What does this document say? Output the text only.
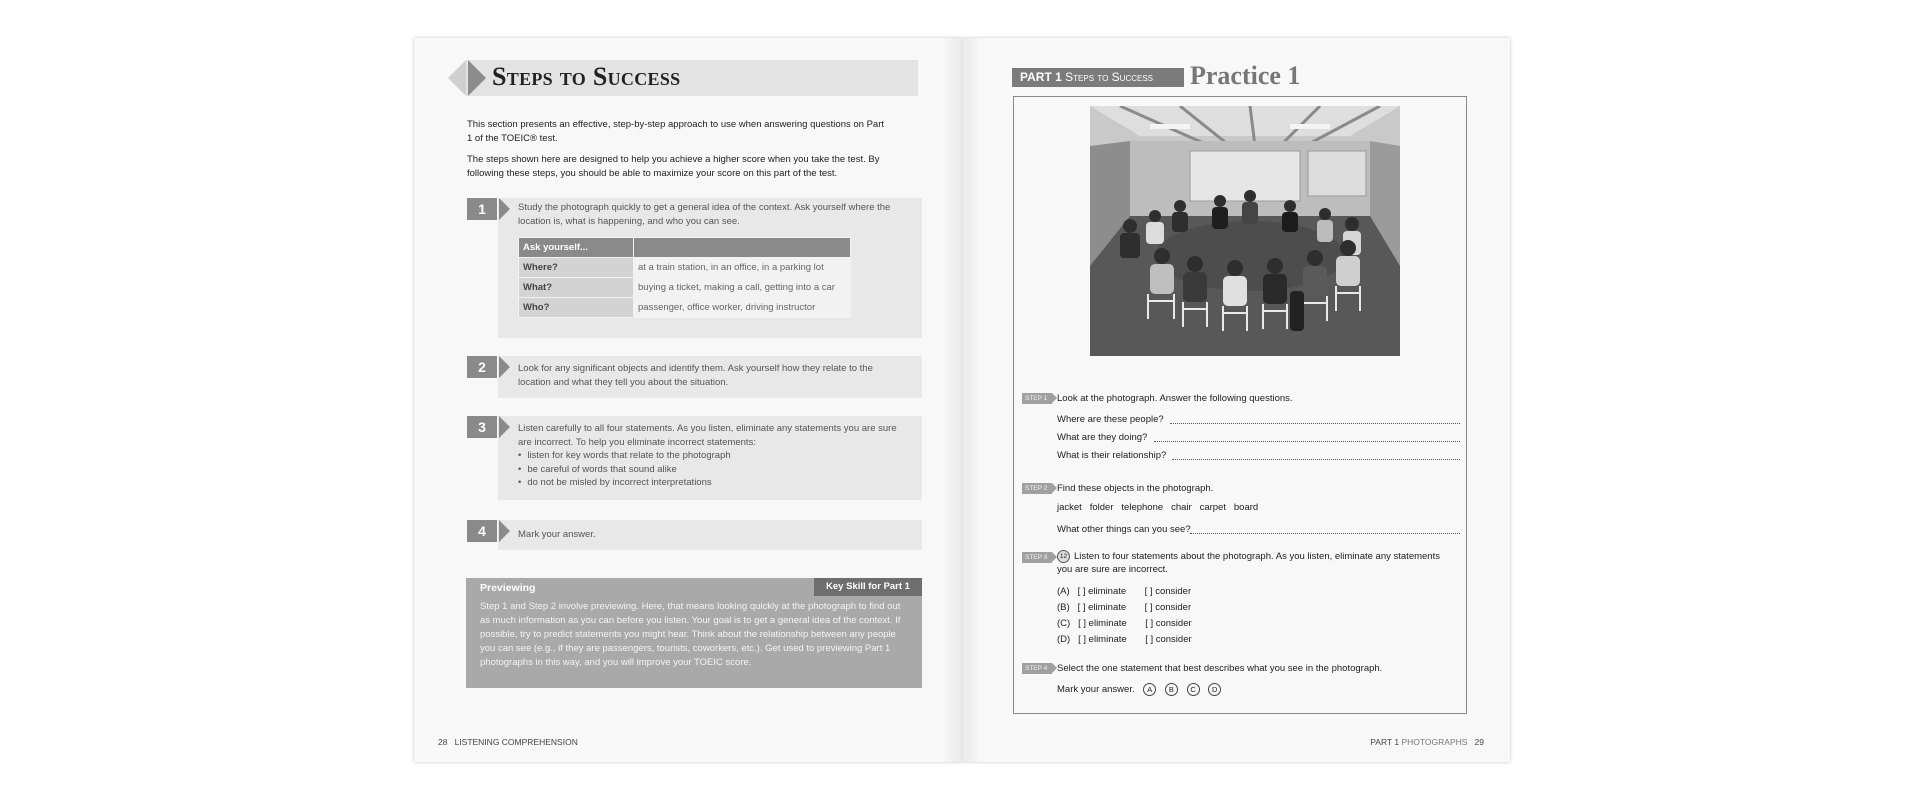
Steps to Success
This section presents an effective, step-by-step approach to use when answering questions on Part 1 of the TOEIC® test.
The steps shown here are designed to help you achieve a higher score when you take the test. By following these steps, you should be able to maximize your score on this part of the test.
1	Study the photograph quickly to get a general idea of the context. Ask yourself where the location is, what is happening, and who you can see.
Ask yourself...	
Where?	at a train station, in an office, in a parking lot
What?	buying a ticket, making a call, getting into a car
Who?	passenger, office worker, driving instructor
2	Look for any significant objects and identify them. Ask yourself how they relate to the location and what they tell you about the situation.
3	Listen carefully to all four statements. As you listen, eliminate any statements you are sure are incorrect. To help you eliminate incorrect statements:
• listen for key words that relate to the photograph
• be careful of words that sound alike
• do not be misled by incorrect interpretations
4	Mark your answer.
Previewing	Key Skill for Part 1
Step 1 and Step 2 involve previewing. Here, that means looking quickly at the photograph to find out as much information as you can before you listen. Your goal is to get a general idea of the context. If possible, try to predict statements you might hear. Think about the relationship between any people you can see (e.g., if they are passengers, tourists, coworkers, etc.). Get used to previewing Part 1 photographs in this way, and you will improve your TOEIC score.
28 LISTENING COMPREHENSION
PART 1 Steps to Success	Practice 1
STEP 1	Look at the photograph. Answer the following questions.
Where are these people?
What are they doing?
What is their relationship?
STEP 2	Find these objects in the photograph.
jacket   folder   telephone   chair   carpet   board
What other things can you see?
STEP 3	12 Listen to four statements about the photograph. As you listen, eliminate any statements you are sure are incorrect.
(A) [ ] eliminate [ ] consider
(B) [ ] eliminate [ ] consider
(C) [ ] eliminate [ ] consider
(D) [ ] eliminate [ ] consider
STEP 4	Select the one statement that best describes what you see in the photograph.
Mark your answer. A B C D
PART 1 PHOTOGRAPHS 29
